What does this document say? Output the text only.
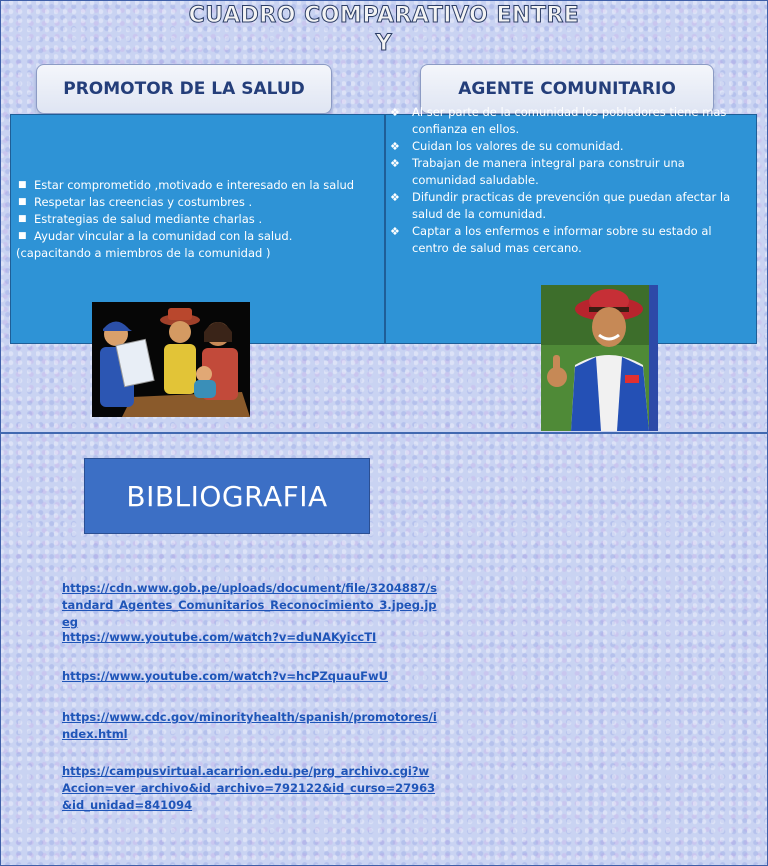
CUADRO COMPARATIVO ENTRE
Y
PROMOTOR DE LA SALUD	AGENTE COMUNITARIO
■ Estar comprometido ,motivado e interesado en la salud
■ Respetar las creencias y costumbres .
■ Estrategias de salud mediante charlas .
■ Ayudar vincular a la comunidad con la salud.
(capacitando a miembros de la comunidad )
❖ Al ser parte de la comunidad los pobladores tiene mas confianza en ellos.
❖ Cuidan los valores de su comunidad.
❖ Trabajan de manera integral para construir una comunidad saludable.
❖ Difundir practicas de prevención que puedan afectar la salud de la comunidad.
❖ Captar a los enfermos e informar sobre su estado al centro de salud mas cercano.
BIBLIOGRAFIA
https://cdn.www.gob.pe/uploads/document/file/3204887/standard_Agentes_Comunitarios_Reconocimiento_3.jpeg.jpeg
https://www.youtube.com/watch?v=duNAKyiccTI
https://www.youtube.com/watch?v=hcPZquauFwU
https://www.cdc.gov/minorityhealth/spanish/promotores/index.html
https://campusvirtual.acarrion.edu.pe/prg_archivo.cgi?wAccion=ver_archivo&id_archivo=792122&id_curso=27963&id_unidad=841094
